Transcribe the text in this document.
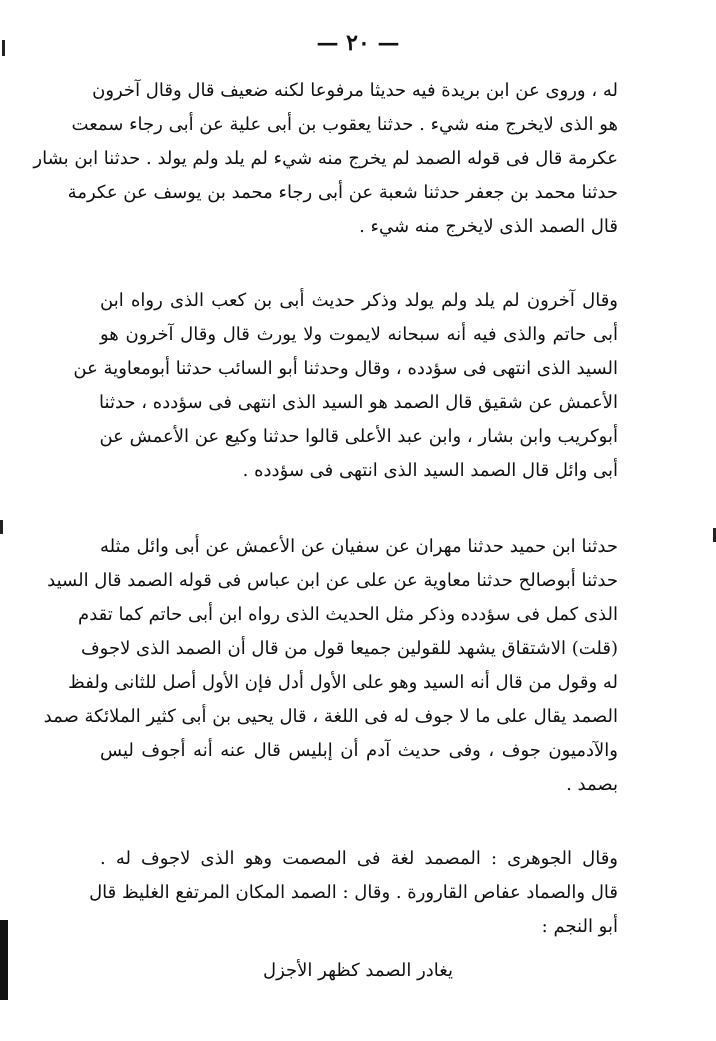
— ٢٠ —
له ، وروى عن ابن بريدة فيه حديثا مرفوعا لكنه ضعيف قال وقال آخرون
هو الذى لايخرج منه شيء . حدثنا يعقوب بن أبى علية عن أبى رجاء سمعت
عكرمة قال فى قوله الصمد لم يخرج منه شيء لم يلد ولم يولد . حدثنا ابن بشار
حدثنا محمد بن جعفر حدثنا شعبة عن أبى رجاء محمد بن يوسف عن عكرمة
قال الصمد الذى لايخرج منه شيء .
وقال آخرون لم يلد ولم يولد وذكر حديث أبى بن كعب الذى رواه ابن
أبى حاتم والذى فيه أنه سبحانه لايموت ولا يورث قال وقال آخرون هو
السيد الذى انتهى فى سؤدده ، وقال وحدثنا أبو السائب حدثنا أبومعاوية عن
الأعمش عن شقيق قال الصمد هو السيد الذى انتهى فى سؤدده ، حدثنا
أبوكريب وابن بشار ، وابن عبد الأعلى قالوا حدثنا وكيع عن الأعمش عن
أبى وائل قال الصمد السيد الذى انتهى فى سؤدده .
حدثنا ابن حميد حدثنا مهران عن سفيان عن الأعمش عن أبى وائل مثله
حدثنا أبوصالح حدثنا معاوية عن على عن ابن عباس فى قوله الصمد قال السيد
الذى كمل فى سؤدده وذكر مثل الحديث الذى رواه ابن أبى حاتم كما تقدم
(قلت) الاشتقاق يشهد للقولين جميعا قول من قال أن الصمد الذى لاجوف
له وقول من قال أنه السيد وهو على الأول أدل فإن الأول أصل للثانى ولفظ
الصمد يقال على ما لا جوف له فى اللغة ، قال يحيى بن أبى كثير الملائكة صمد
والآدميون جوف ، وفى حديث آدم أن إبليس قال عنه أنه أجوف ليس
بصمد .
وقال الجوهرى : المصمد لغة فى المصمت وهو الذى لاجوف له .
قال والصماد عفاص القارورة . وقال : الصمد المكان المرتفع الغليظ قال
أبو النجم :
يغادر الصمد كظهر الأجزل
